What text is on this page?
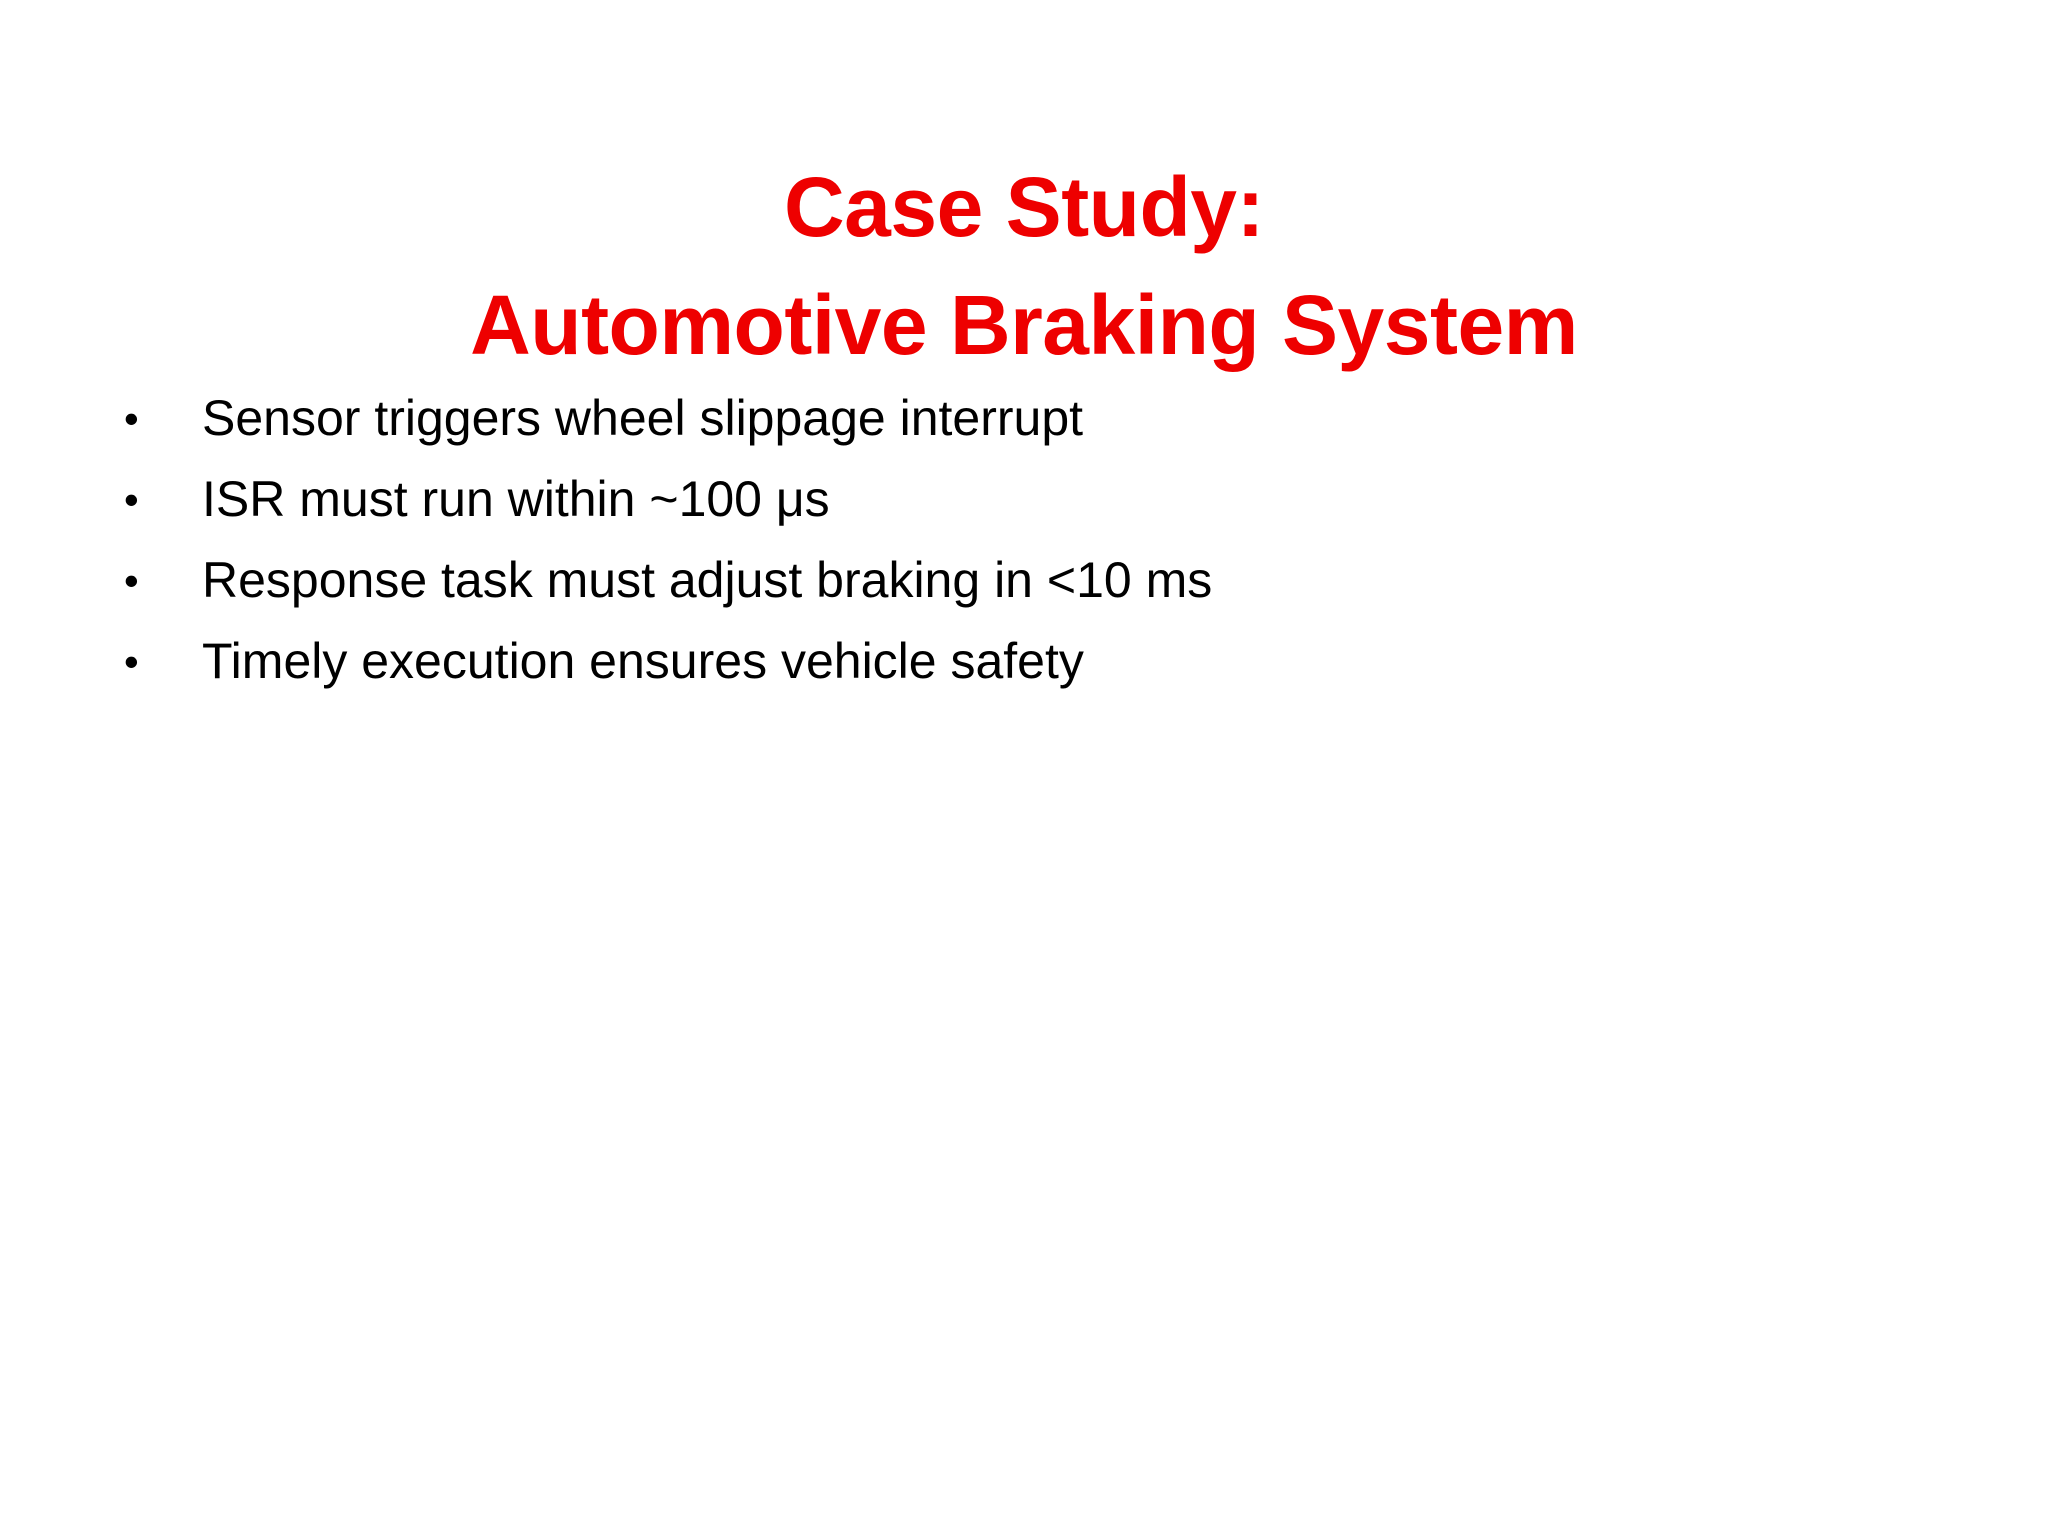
Case Study:
Automotive Braking System
•	Sensor triggers wheel slippage interrupt
•	ISR must run within ~100 μs
•	Response task must adjust braking in <10 ms
•	Timely execution ensures vehicle safety
